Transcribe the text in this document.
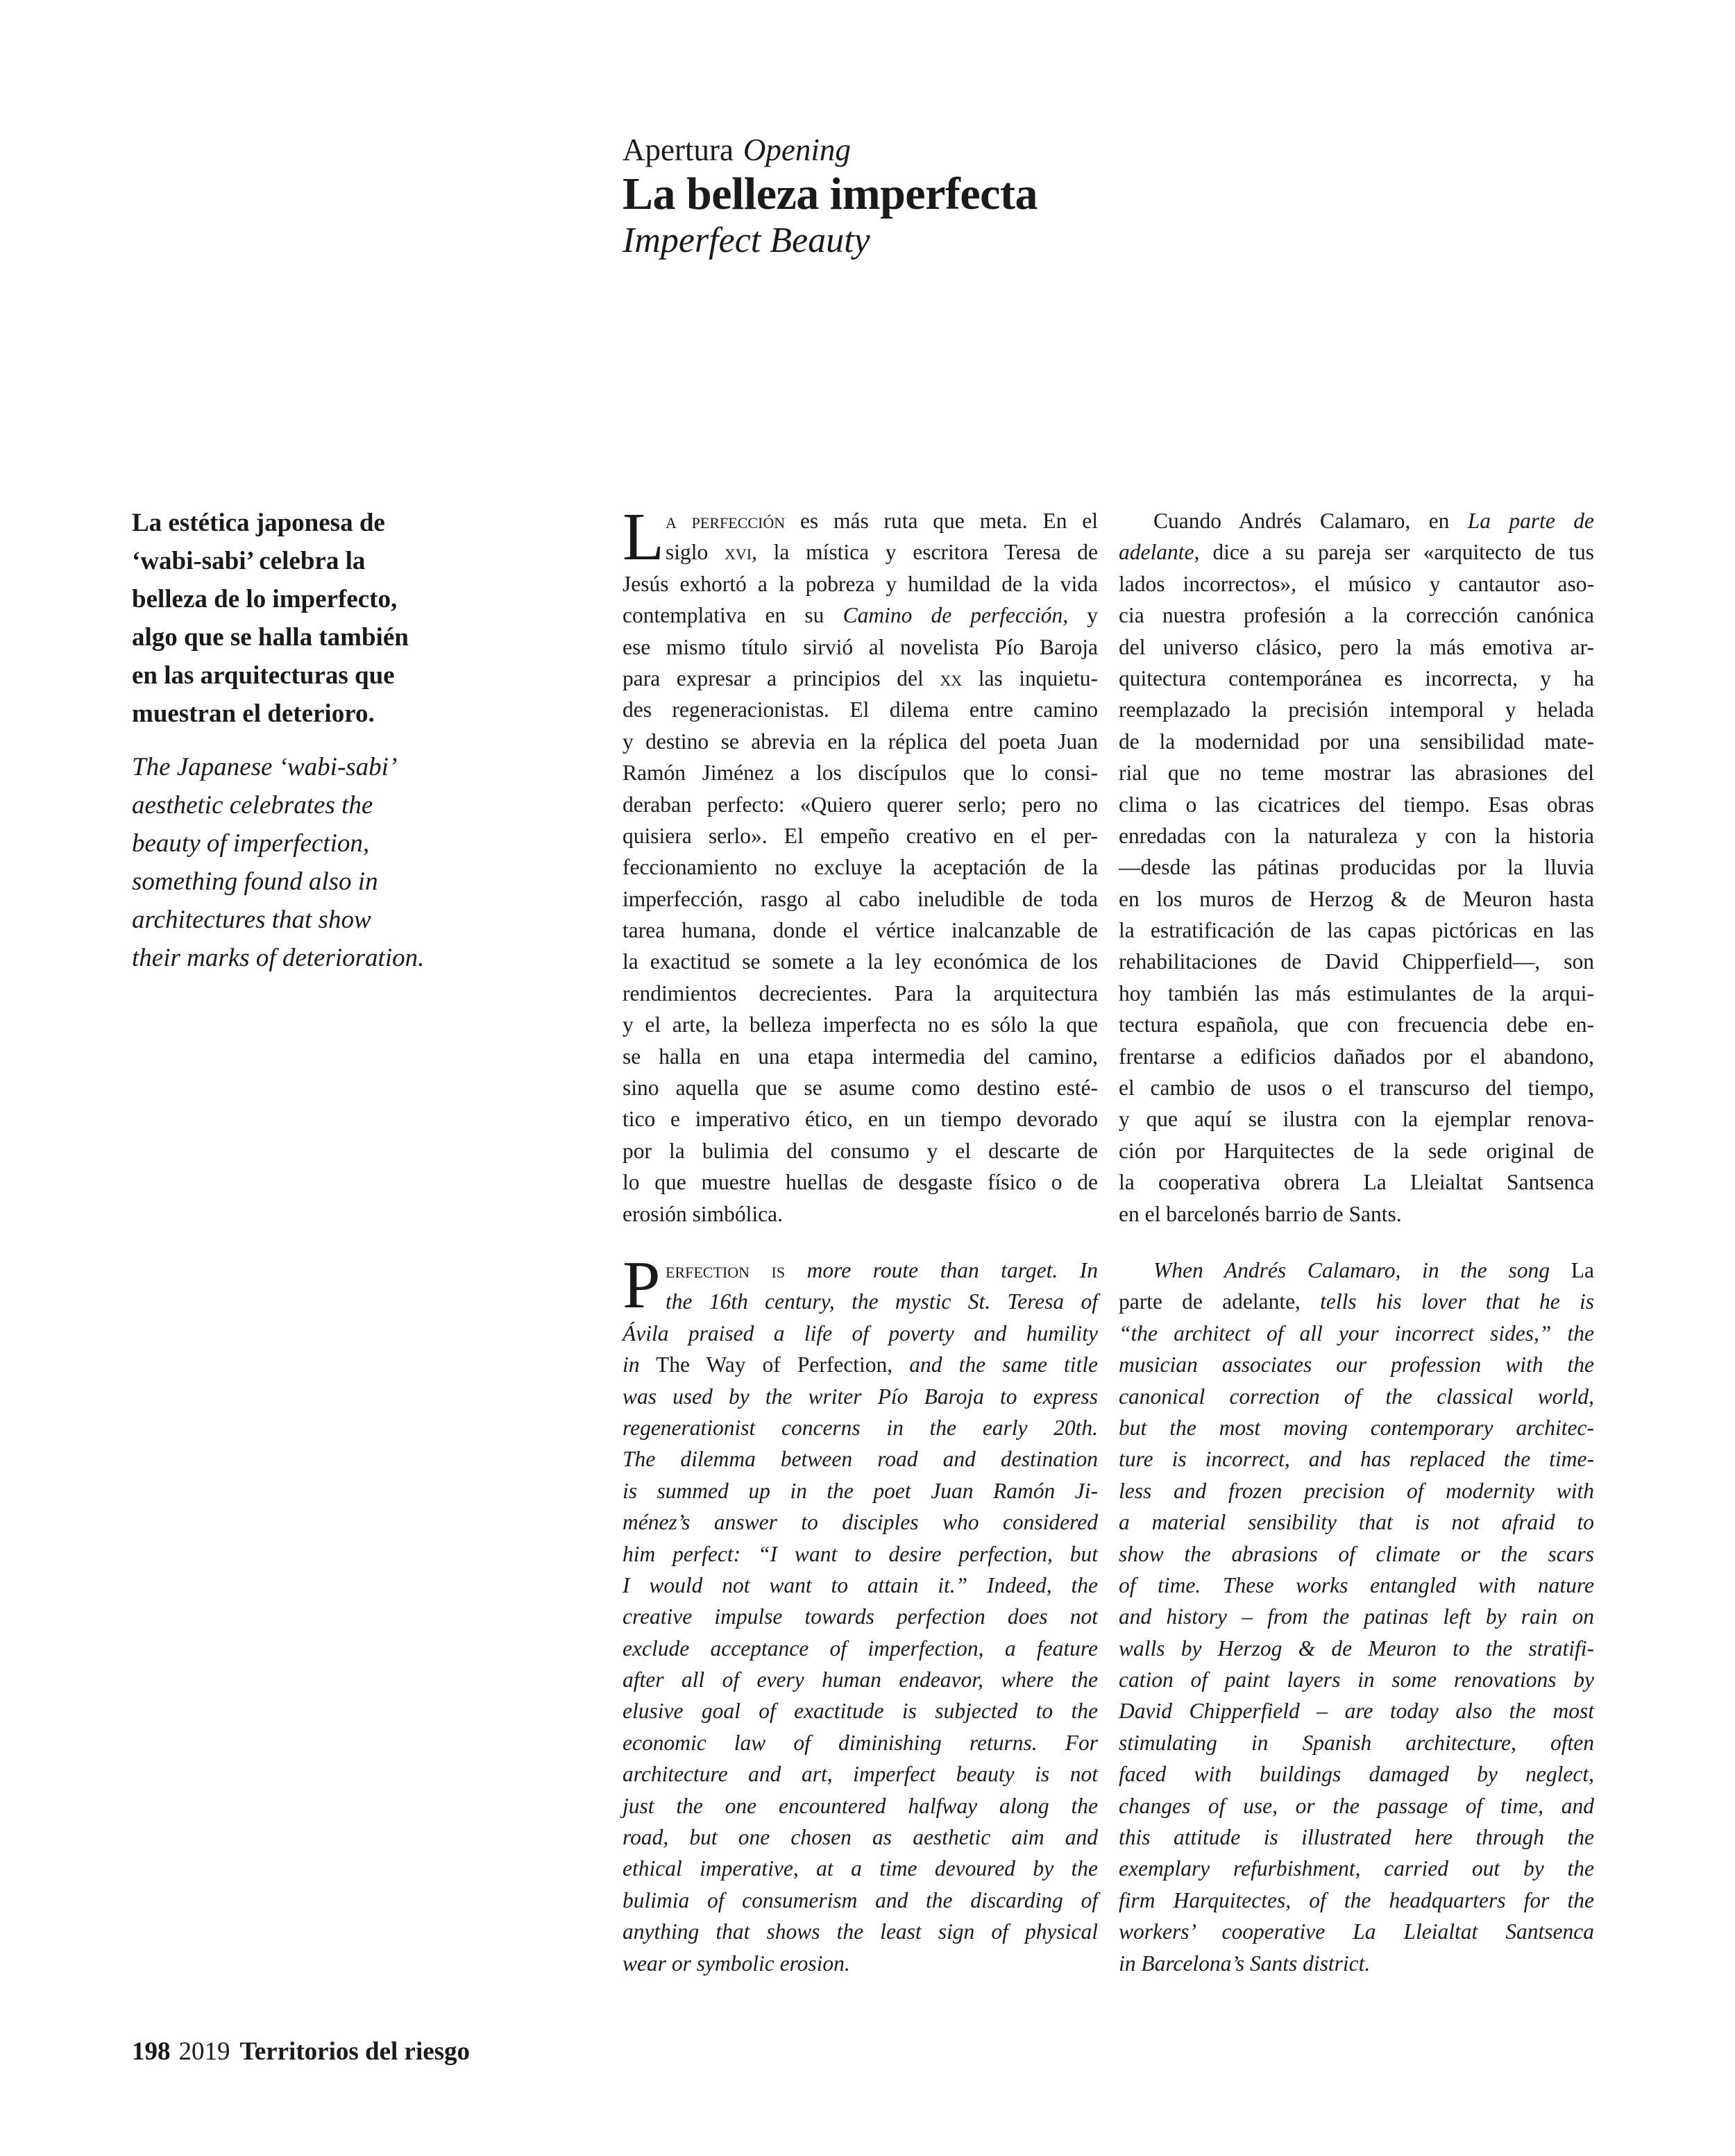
Apertura Opening
La belleza imperfecta
Imperfect Beauty

La estética japonesa de
‘wabi-sabi’ celebra la
belleza de lo imperfecto,
algo que se halla también
en las arquitecturas que
muestran el deterioro.

The Japanese ‘wabi-sabi’
aesthetic celebrates the
beauty of imperfection,
something found also in
architectures that show
their marks of deterioration.

L a perfección es más ruta que meta. En el
siglo xvi, la mística y escritora Teresa de
Jesús exhortó a la pobreza y humildad de la vida
contemplativa en su Camino de perfección, y
ese mismo título sirvió al novelista Pío Baroja
para expresar a principios del xx las inquietu-
des regeneracionistas. El dilema entre camino
y destino se abrevia en la réplica del poeta Juan
Ramón Jiménez a los discípulos que lo consi-
deraban perfecto: «Quiero querer serlo; pero no
quisiera serlo». El empeño creativo en el per-
feccionamiento no excluye la aceptación de la
imperfección, rasgo al cabo ineludible de toda
tarea humana, donde el vértice inalcanzable de
la exactitud se somete a la ley económica de los
rendimientos decrecientes. Para la arquitectura
y el arte, la belleza imperfecta no es sólo la que
se halla en una etapa intermedia del camino,
sino aquella que se asume como destino esté-
tico e imperativo ético, en un tiempo devorado
por la bulimia del consumo y el descarte de
lo que muestre huellas de desgaste físico o de
erosión simbólica.
Cuando Andrés Calamaro, en La parte de
adelante, dice a su pareja ser «arquitecto de tus
lados incorrectos», el músico y cantautor aso-
cia nuestra profesión a la corrección canónica
del universo clásico, pero la más emotiva ar-
quitectura contemporánea es incorrecta, y ha
reemplazado la precisión intemporal y helada
de la modernidad por una sensibilidad mate-
rial que no teme mostrar las abrasiones del
clima o las cicatrices del tiempo. Esas obras
enredadas con la naturaleza y con la historia
—desde las pátinas producidas por la lluvia
en los muros de Herzog & de Meuron hasta
la estratificación de las capas pictóricas en las
rehabilitaciones de David Chipperfield—, son
hoy también las más estimulantes de la arqui-
tectura española, que con frecuencia debe en-
frentarse a edificios dañados por el abandono,
el cambio de usos o el transcurso del tiempo,
y que aquí se ilustra con la ejemplar renova-
ción por Harquitectes de la sede original de
la cooperativa obrera La Lleialtat Santsenca
en el barcelonés barrio de Sants.
P erfection is more route than target. In
the 16th century, the mystic St. Teresa of
Ávila praised a life of poverty and humility
in The Way of Perfection, and the same title
was used by the writer Pío Baroja to express
regenerationist concerns in the early 20th.
The dilemma between road and destination
is summed up in the poet Juan Ramón Ji-
ménez’s answer to disciples who considered
him perfect: “I want to desire perfection, but
I would not want to attain it.” Indeed, the
creative impulse towards perfection does not
exclude acceptance of imperfection, a feature
after all of every human endeavor, where the
elusive goal of exactitude is subjected to the
economic law of diminishing returns. For
architecture and art, imperfect beauty is not
just the one encountered halfway along the
road, but one chosen as aesthetic aim and
ethical imperative, at a time devoured by the
bulimia of consumerism and the discarding of
anything that shows the least sign of physical
wear or symbolic erosion.
When Andrés Calamaro, in the song La
parte de adelante, tells his lover that he is
“the architect of all your incorrect sides,” the
musician associates our profession with the
canonical correction of the classical world,
but the most moving contemporary architec-
ture is incorrect, and has replaced the time-
less and frozen precision of modernity with
a material sensibility that is not afraid to
show the abrasions of climate or the scars
of time. These works entangled with nature
and history – from the patinas left by rain on
walls by Herzog & de Meuron to the stratifi-
cation of paint layers in some renovations by
David Chipperfield – are today also the most
stimulating in Spanish architecture, often
faced with buildings damaged by neglect,
changes of use, or the passage of time, and
this attitude is illustrated here through the
exemplary refurbishment, carried out by the
firm Harquitectes, of the headquarters for the
workers’ cooperative La Lleialtat Santsenca
in Barcelona’s Sants district.
198 2019 Territorios del riesgo
